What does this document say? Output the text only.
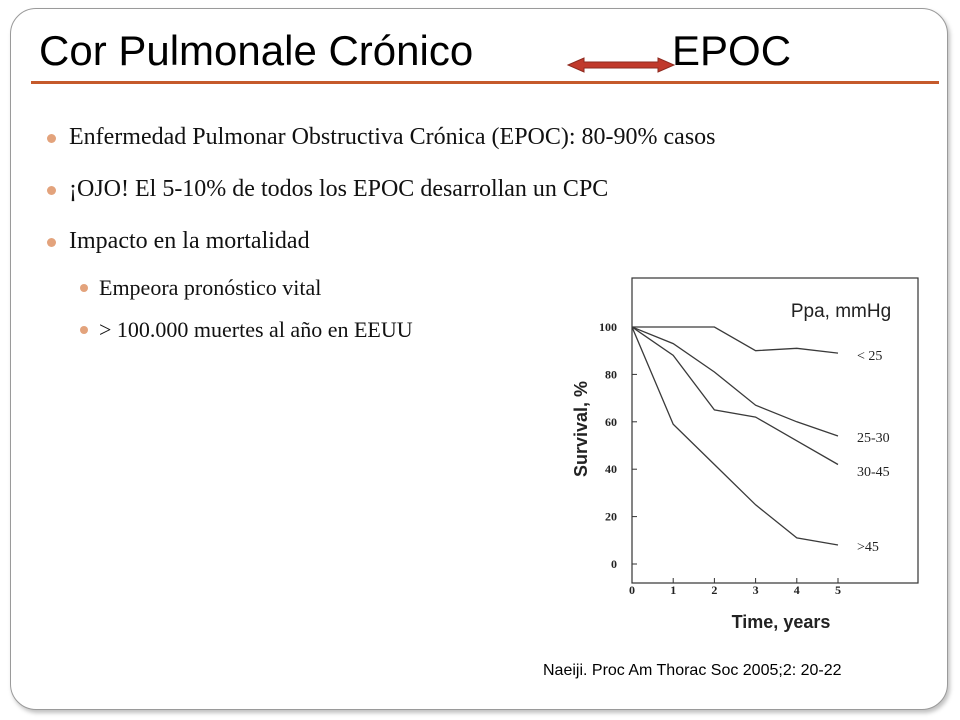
Cor Pulmonale Crónico	EPOC
Enfermedad Pulmonar Obstructiva Crónica (EPOC): 80-90% casos
¡OJO! El 5-10% de todos los EPOC desarrollan un CPC
Impacto en la mortalidad
Empeora pronóstico vital
> 100.000 muertes al año en EEUU
0
20
40
60
80
100
0	1	2	3	4	5
Time, years
Survival, %
Ppa, mmHg
< 25
25-30
30-45
>45
Naeiji. Proc Am Thorac Soc 2005;2: 20-22
